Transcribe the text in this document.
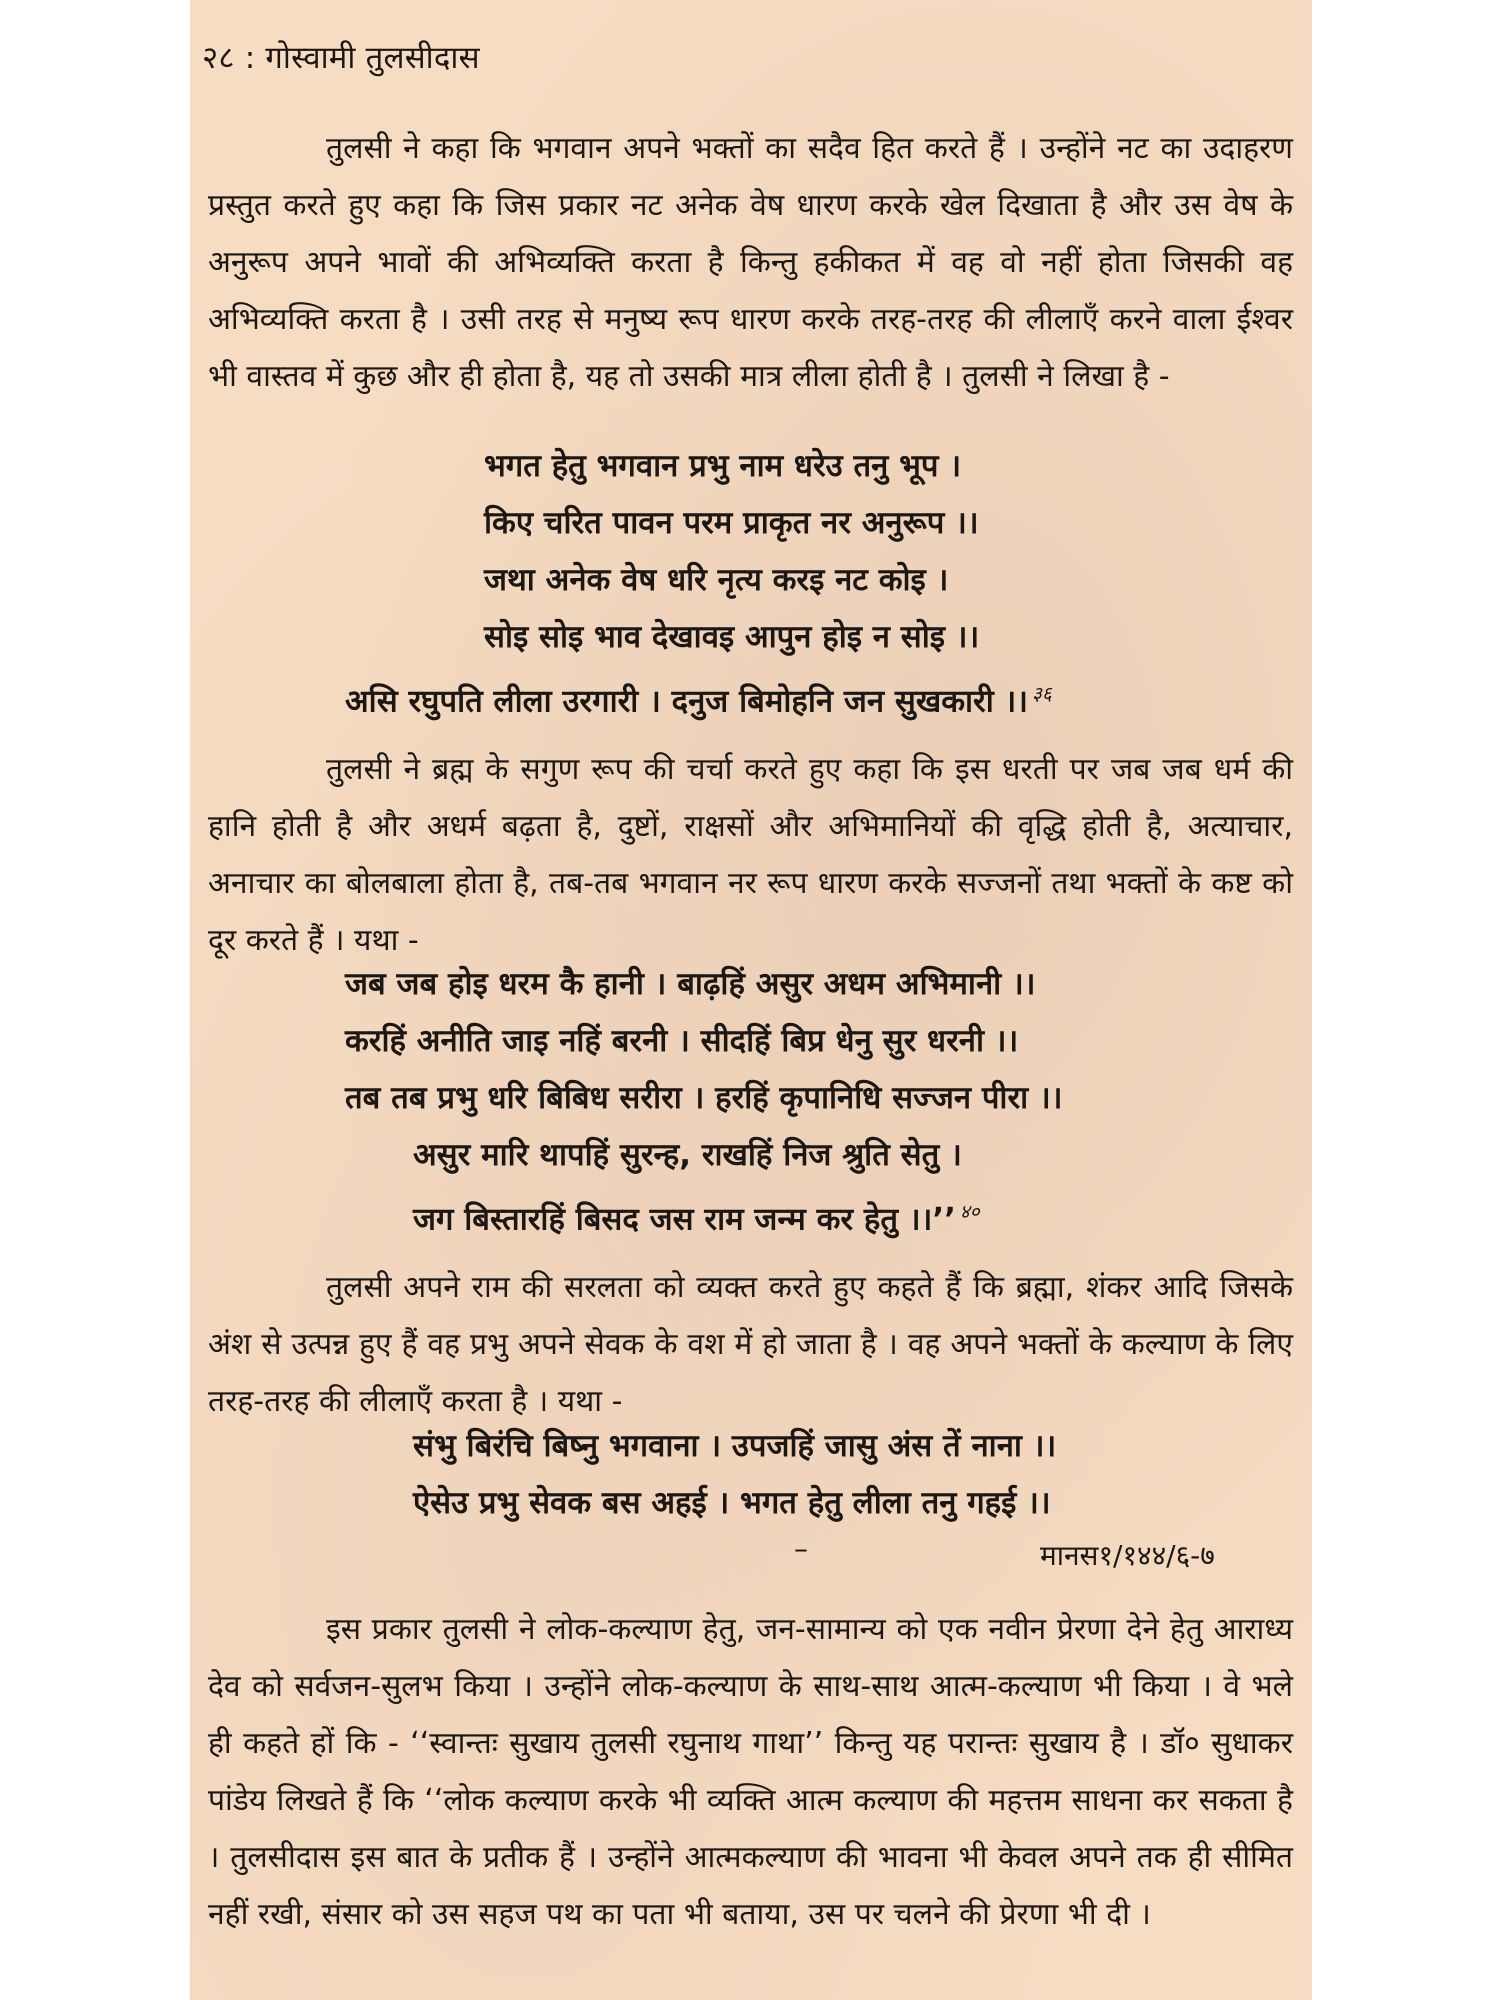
२८ : गोस्वामी तुलसीदास

तुलसी ने कहा कि भगवान अपने भक्तों का सदैव हित करते हैं । उन्होंने नट का उदाहरण प्रस्तुत करते हुए कहा कि जिस प्रकार नट अनेक वेष धारण करके खेल दिखाता है और उस वेष के अनुरूप अपने भावों की अभिव्यक्ति करता है किन्तु हकीकत में वह वो नहीं होता जिसकी वह अभिव्यक्ति करता है । उसी तरह से मनुष्य रूप धारण करके तरह-तरह की लीलाएँ करने वाला ईश्वर भी वास्तव में कुछ और ही होता है, यह तो उसकी मात्र लीला होती है । तुलसी ने लिखा है -

भगत हेतु भगवान प्रभु नाम धरेउ तनु भूप ।
किए चरित पावन परम प्राकृत नर अनुरूप ।।
जथा अनेक वेष धरि नृत्य करइ नट कोइ ।
सोइ सोइ भाव देखावइ आपुन होइ न सोइ ।।
असि रघुपति लीला उरगारी । दनुज बिमोहनि जन सुखकारी ।। $^{३६}$

तुलसी ने ब्रह्म के सगुण रूप की चर्चा करते हुए कहा कि इस धरती पर जब जब धर्म की हानि होती है और अधर्म बढ़ता है, दुष्टों, राक्षसों और अभिमानियों की वृद्धि होती है, अत्याचार, अनाचार का बोलबाला होता है, तब-तब भगवान नर रूप धारण करके सज्जनों तथा भक्तों के कष्ट को दूर करते हैं । यथा -

जब जब होइ धरम कै हानी । बाढ़हिं असुर अधम अभिमानी ।।
करहिं अनीति जाइ नहिं बरनी । सीदहिं बिप्र धेनु सुर धरनी ।।
तब तब प्रभु धरि बिबिध सरीरा । हरहिं कृपानिधि सज्जन पीरा ।।
असुर मारि थापहिं सुरन्ह, राखहिं निज श्रुति सेतु ।
जग बिस्तारहिं बिसद जस राम जन्म कर हेतु ।।’’ $^{४०}$

तुलसी अपने राम की सरलता को व्यक्त करते हुए कहते हैं कि ब्रह्मा, शंकर आदि जिसके अंश से उत्पन्न हुए हैं वह प्रभु अपने सेवक के वश में हो जाता है । वह अपने भक्तों के कल्याण के लिए तरह-तरह की लीलाएँ करता है । यथा -

संभु बिरंचि बिष्नु भगवाना । उपजहिं जासु अंस तें नाना ।।
ऐसेउ प्रभु सेवक बस अहई । भगत हेतु लीला तनु गहई ।।
–	मानस१/१४४/६-७

इस प्रकार तुलसी ने लोक-कल्याण हेतु, जन-सामान्य को एक नवीन प्रेरणा देने हेतु आराध्य देव को सर्वजन-सुलभ किया । उन्होंने लोक-कल्याण के साथ-साथ आत्म-कल्याण भी किया । वे भले ही कहते हों कि - ‘‘स्वान्तः सुखाय तुलसी रघुनाथ गाथा’’ किन्तु यह परान्तः सुखाय है । डॉ० सुधाकर पांडेय लिखते हैं कि ‘‘लोक कल्याण करके भी व्यक्ति आत्म कल्याण की महत्तम साधना कर सकता है । तुलसीदास इस बात के प्रतीक हैं । उन्होंने आत्मकल्याण की भावना भी केवल अपने तक ही सीमित नहीं रखी, संसार को उस सहज पथ का पता भी बताया, उस पर चलने की प्रेरणा भी दी ।
